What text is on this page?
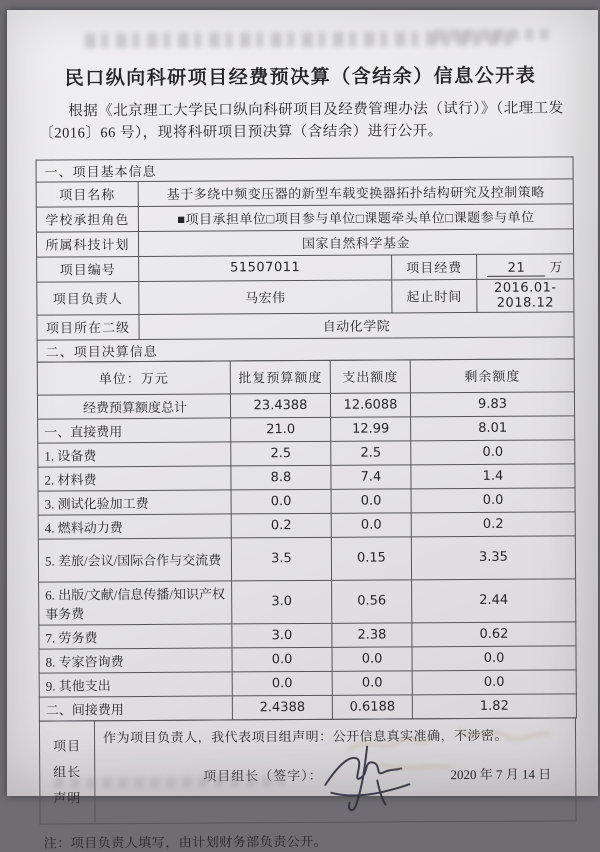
民口纵向科研项目经费预决算（含结余）信息公开表

根据《北京理工大学民口纵向科研项目及经费管理办法（试行）》（北理工发〔2016〕66 号），现将科研项目预决算（含结余）进行公开。

一、项目基本信息			
项目名称	基于多绕中频变压器的新型车载变换器拓扑结构研究及控制策略		
学校承担角色	■项目承担单位□项目参与单位□课题牵头单位□课题参与单位		
所属科技计划	国家自然科学基金		
项目编号	51507011	项目经费	21 万
项目负责人	马宏伟	起止时间	2016.01-2018.12
项目所在二级	自动化学院		
二、项目决算信息			
单位：万元	批复预算额度	支出额度	剩余额度
经费预算额度总计	23.4388	12.6088	9.83
一、直接费用	21.0	12.99	8.01
1. 设备费	2.5	2.5	0.0
2. 材料费	8.8	7.4	1.4
3. 测试化验加工费	0.0	0.0	0.0
4. 燃料动力费	0.2	0.0	0.2
5. 差旅/会议/国际合作与交流费	3.5	0.15	3.35
6. 出版/文献/信息传播/知识产权事务费	3.0	0.56	2.44
7. 劳务费	3.0	2.38	0.62
8. 专家咨询费	0.0	0.0	0.0
9. 其他支出	0.0	0.0	0.0
二、间接费用	2.4388	0.6188	1.82
项目
组长
声明

作为项目负责人，我代表项目组声明：公开信息真实准确，不涉密。
项目组长（签字）：	2020 年 7 月 14 日

注：项目负责人填写，由计划财务部负责公开。
